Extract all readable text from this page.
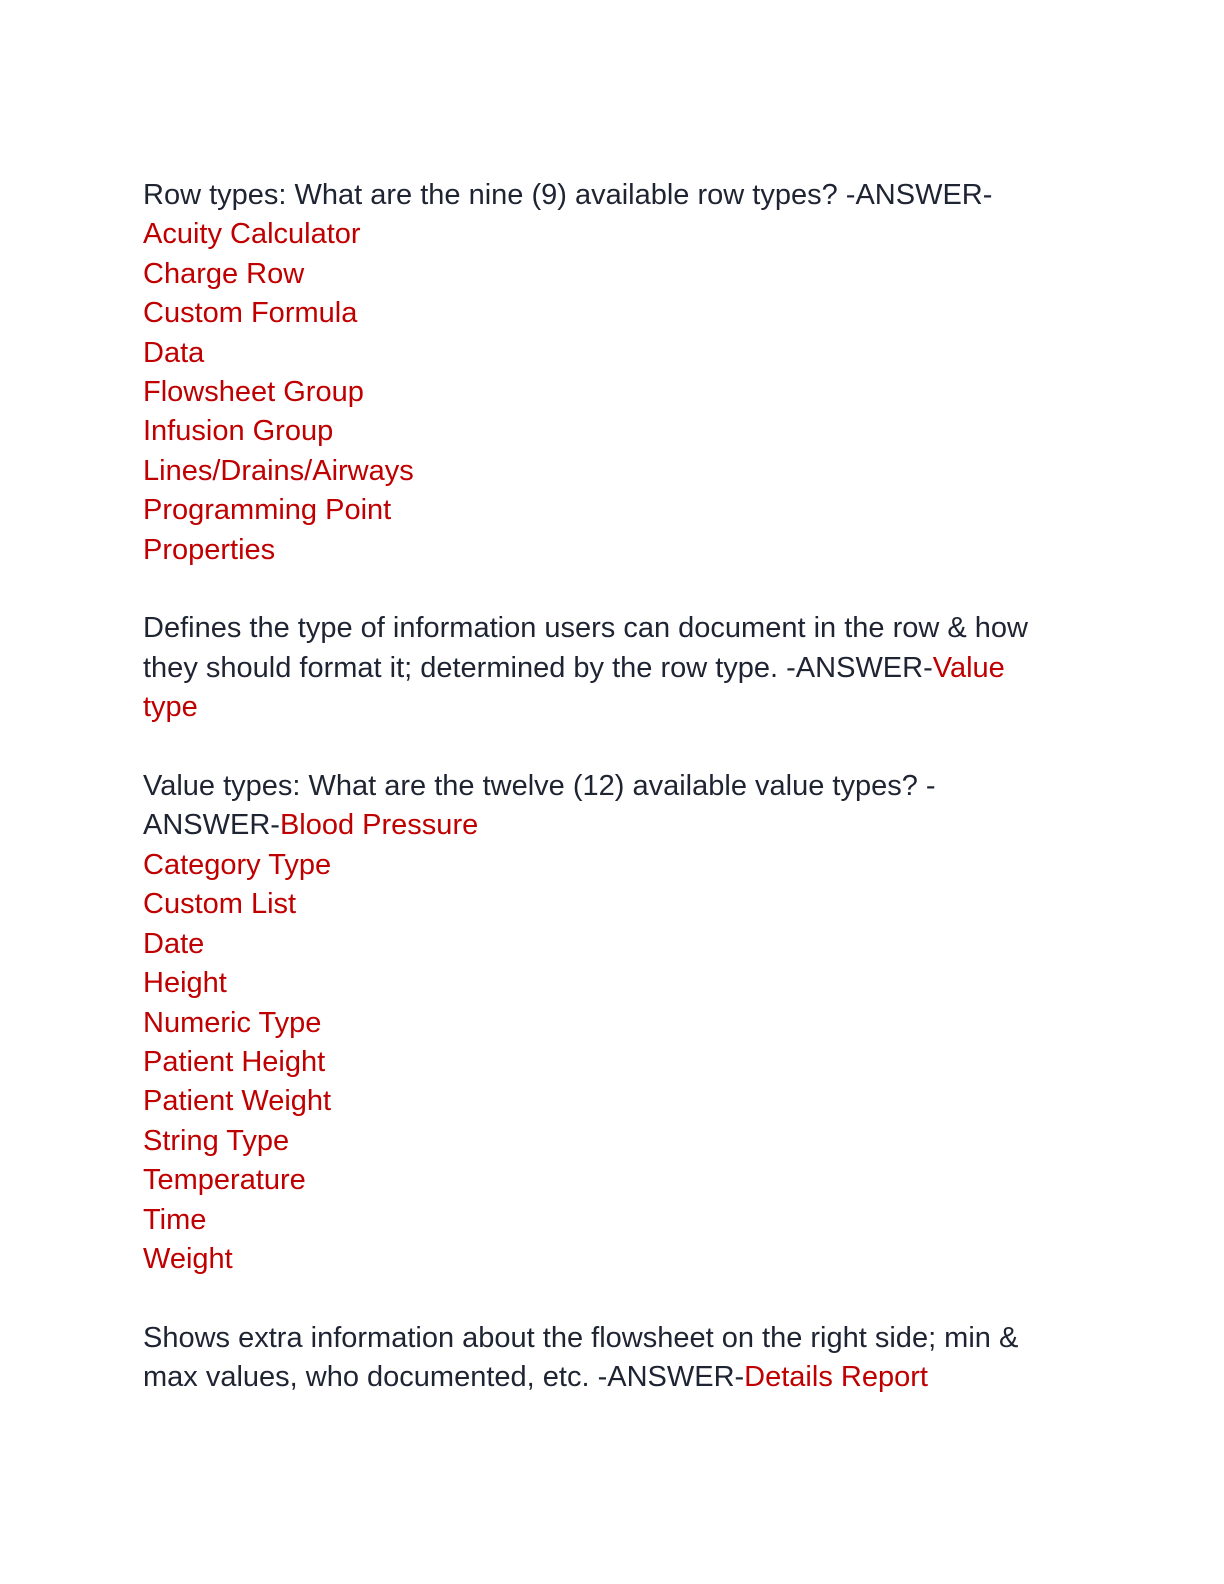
Row types: What are the nine (9) available row types? -ANSWER-
Acuity Calculator
Charge Row
Custom Formula
Data
Flowsheet Group
Infusion Group
Lines/Drains/Airways
Programming Point
Properties
Defines the type of information users can document in the row & how
they should format it; determined by the row type. -ANSWER-Value
type
Value types: What are the twelve (12) available value types? -
ANSWER-Blood Pressure
Category Type
Custom List
Date
Height
Numeric Type
Patient Height
Patient Weight
String Type
Temperature
Time
Weight
Shows extra information about the flowsheet on the right side; min &
max values, who documented, etc. -ANSWER-Details Report
